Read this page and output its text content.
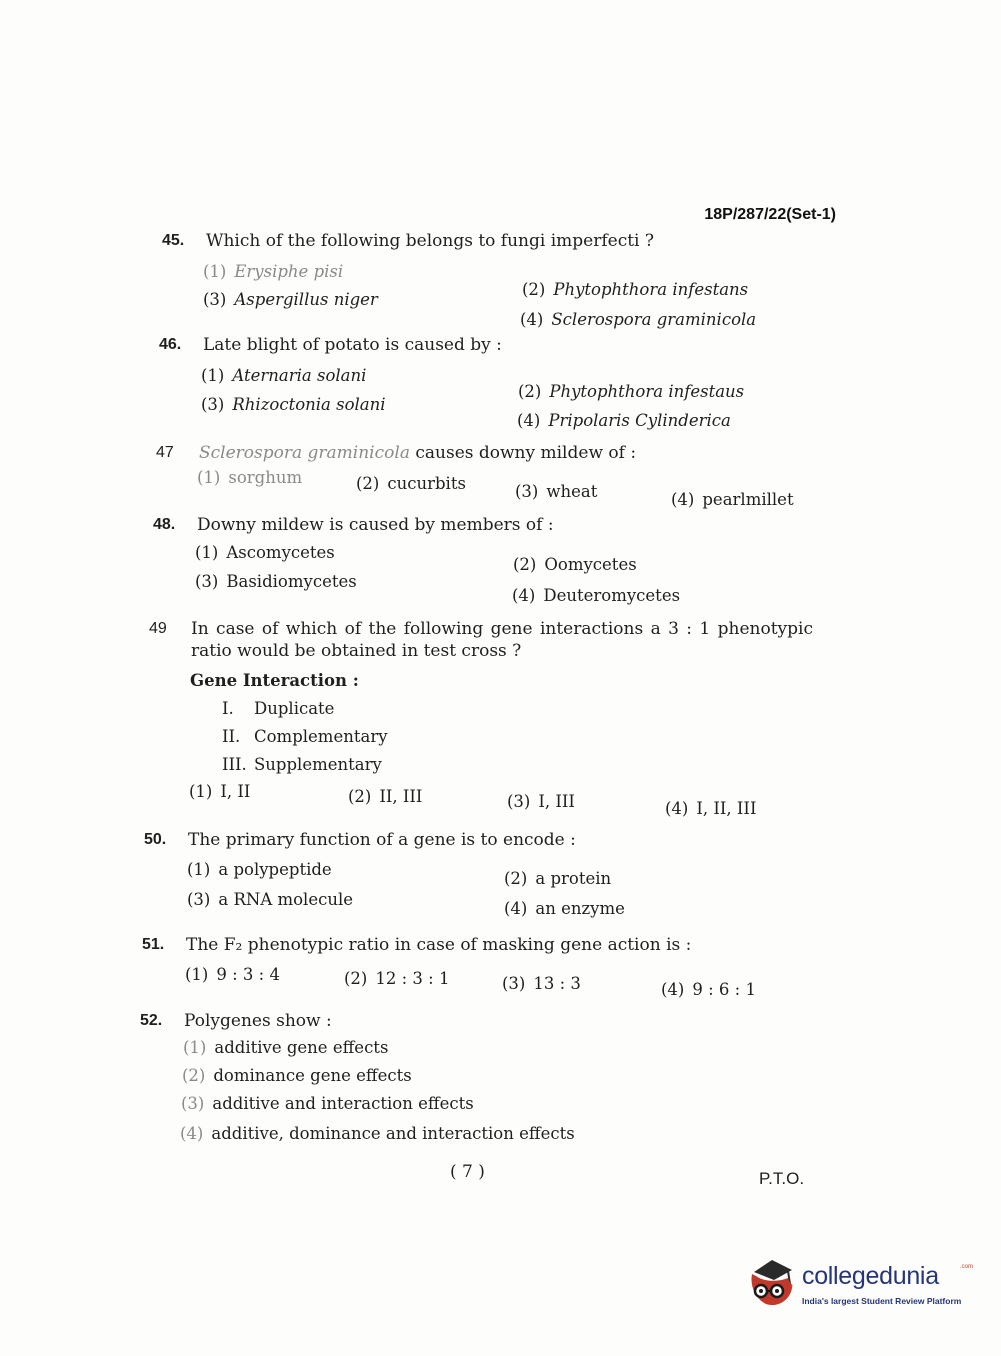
18P/287/22(Set-1)
45. Which of the following belongs to fungi imperfecti ?
(1) Erysiphe pisi
(2) Phytophthora infestans
(3) Aspergillus niger
(4) Sclerospora graminicola
46. Late blight of potato is caused by :
(1) Aternaria solani
(2) Phytophthora infestaus
(3) Rhizoctonia solani
(4) Pripolaris Cylinderica
47 Sclerospora graminicola causes downy mildew of :
(1) sorghum	(2) cucurbits	(3) wheat	(4) pearlmillet
48. Downy mildew is caused by members of :
(1) Ascomycetes
(2) Oomycetes
(3) Basidiomycetes
(4) Deuteromycetes
49 In case of which of the following gene interactions a 3 : 1 phenotypic ratio would be obtained in test cross ?
Gene Interaction :
I. Duplicate
II. Complementary
III. Supplementary
(1) I, II	(2) II, III	(3) I, III	(4) I, II, III
50. The primary function of a gene is to encode :
(1) a polypeptide	(2) a protein
(3) a RNA molecule	(4) an enzyme
51. The F₂ phenotypic ratio in case of masking gene action is :
(1) 9 : 3 : 4	(2) 12 : 3 : 1	(3) 13 : 3	(4) 9 : 6 : 1
52. Polygenes show :
(1) additive gene effects
(2) dominance gene effects
(3) additive and interaction effects
(4) additive, dominance and interaction effects
( 7 )	P.T.O.
collegedunia	.com
India's largest Student Review Platform
